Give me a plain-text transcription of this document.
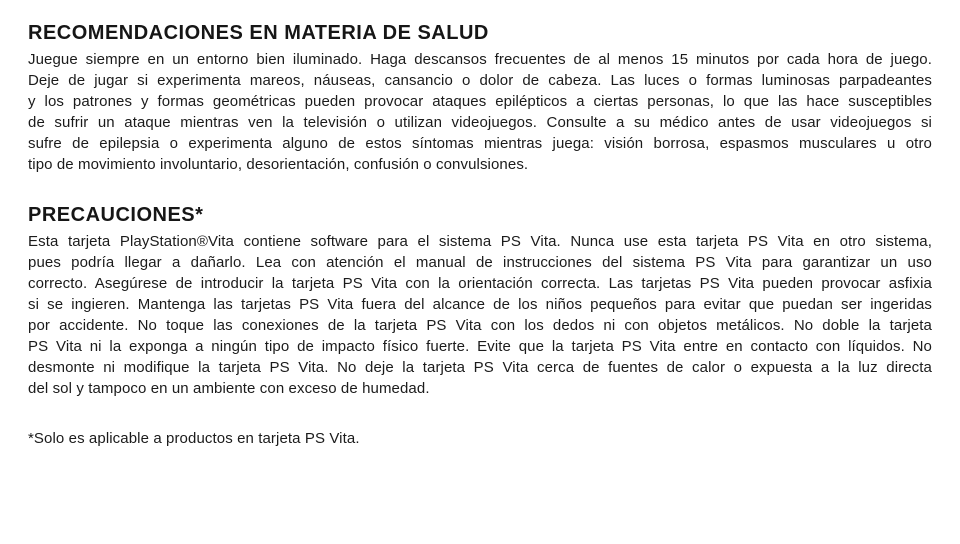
RECOMENDACIONES EN MATERIA DE SALUD
Juegue siempre en un entorno bien iluminado. Haga descansos frecuentes de al menos 15 minutos por cada hora de juego.
Deje de jugar si experimenta mareos, náuseas, cansancio o dolor de cabeza. Las luces o formas luminosas parpadeantes
y los patrones y formas geométricas pueden provocar ataques epilépticos a ciertas personas, lo que las hace susceptibles
de sufrir un ataque mientras ven la televisión o utilizan videojuegos. Consulte a su médico antes de usar videojuegos si
sufre de epilepsia o experimenta alguno de estos síntomas mientras juega: visión borrosa, espasmos musculares u otro
tipo de movimiento involuntario, desorientación, confusión o convulsiones.
PRECAUCIONES*
Esta tarjeta PlayStation®Vita contiene software para el sistema PS Vita. Nunca use esta tarjeta PS Vita en otro sistema,
pues podría llegar a dañarlo. Lea con atención el manual de instrucciones del sistema PS Vita para garantizar un uso
correcto. Asegúrese de introducir la tarjeta PS Vita con la orientación correcta. Las tarjetas PS Vita pueden provocar asfixia
si se ingieren. Mantenga las tarjetas PS Vita fuera del alcance de los niños pequeños para evitar que puedan ser ingeridas
por accidente. No toque las conexiones de la tarjeta PS Vita con los dedos ni con objetos metálicos. No doble la tarjeta
PS Vita ni la exponga a ningún tipo de impacto físico fuerte. Evite que la tarjeta PS Vita entre en contacto con líquidos. No
desmonte ni modifique la tarjeta PS Vita. No deje la tarjeta PS Vita cerca de fuentes de calor o expuesta a la luz directa
del sol y tampoco en un ambiente con exceso de humedad.

*Solo es aplicable a productos en tarjeta PS Vita.
